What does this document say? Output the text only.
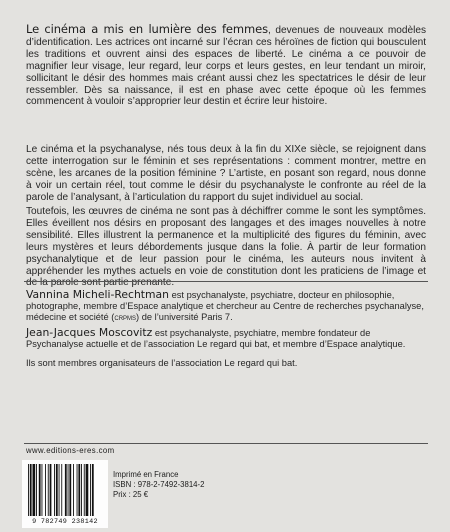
Le cinéma a mis en lumière des femmes, devenues de nouveaux modèles d’identification. Les actrices ont incarné sur l’écran ces héroïnes de fiction qui bousculent les traditions et ouvrent ainsi des espaces de liberté. Le cinéma a ce pouvoir de magnifier leur visage, leur regard, leur corps et leurs gestes, en leur tendant un miroir, sollicitant le désir des hommes mais créant aussi chez les spectatrices le désir de leur ressembler. Dès sa naissance, il est en phase avec cette époque où les femmes commencent à vouloir s’approprier leur destin et écrire leur histoire.

Le cinéma et la psychanalyse, nés tous deux à la fin du XIXe siècle, se rejoignent dans cette interrogation sur le féminin et ses représentations : comment montrer, mettre en scène, les arcanes de la position féminine ? L’artiste, en posant son regard, nous donne à voir un certain réel, tout comme le désir du psychanalyste le confronte au réel de la parole de l’analysant, à l’articulation du rapport du sujet individuel au social.

Toutefois, les œuvres de cinéma ne sont pas à déchiffrer comme le sont les symptômes. Elles éveillent nos désirs en proposant des langages et des images nouvelles à notre sensibilité. Elles illustrent la permanence et la multiplicité des figures du féminin, avec leurs mystères et leurs débordements jusque dans la folie. À partir de leur formation psychanalytique et de leur passion pour le cinéma, les auteurs nous invitent à appréhender les mythes actuels en voie de constitution dont les praticiens de l’image et de la parole sont partie prenante.

Vannina Micheli-Rechtman est psychanalyste, psychiatre, docteur en philosophie, photographe, membre d’Espace analytique et chercheur au Centre de recherches psychanalyse, médecine et société (crpms) de l’université Paris 7.

Jean-Jacques Moscovitz est psychanalyste, psychiatre, membre fondateur de Psychanalyse actuelle et de l’association Le regard qui bat, et membre d’Espace analytique.

Ils sont membres organisateurs de l’association Le regard qui bat.

www.editions-eres.com
9 782749 238142
Imprimé en France
ISBN : 978-2-7492-3814-2
Prix : 25 €
